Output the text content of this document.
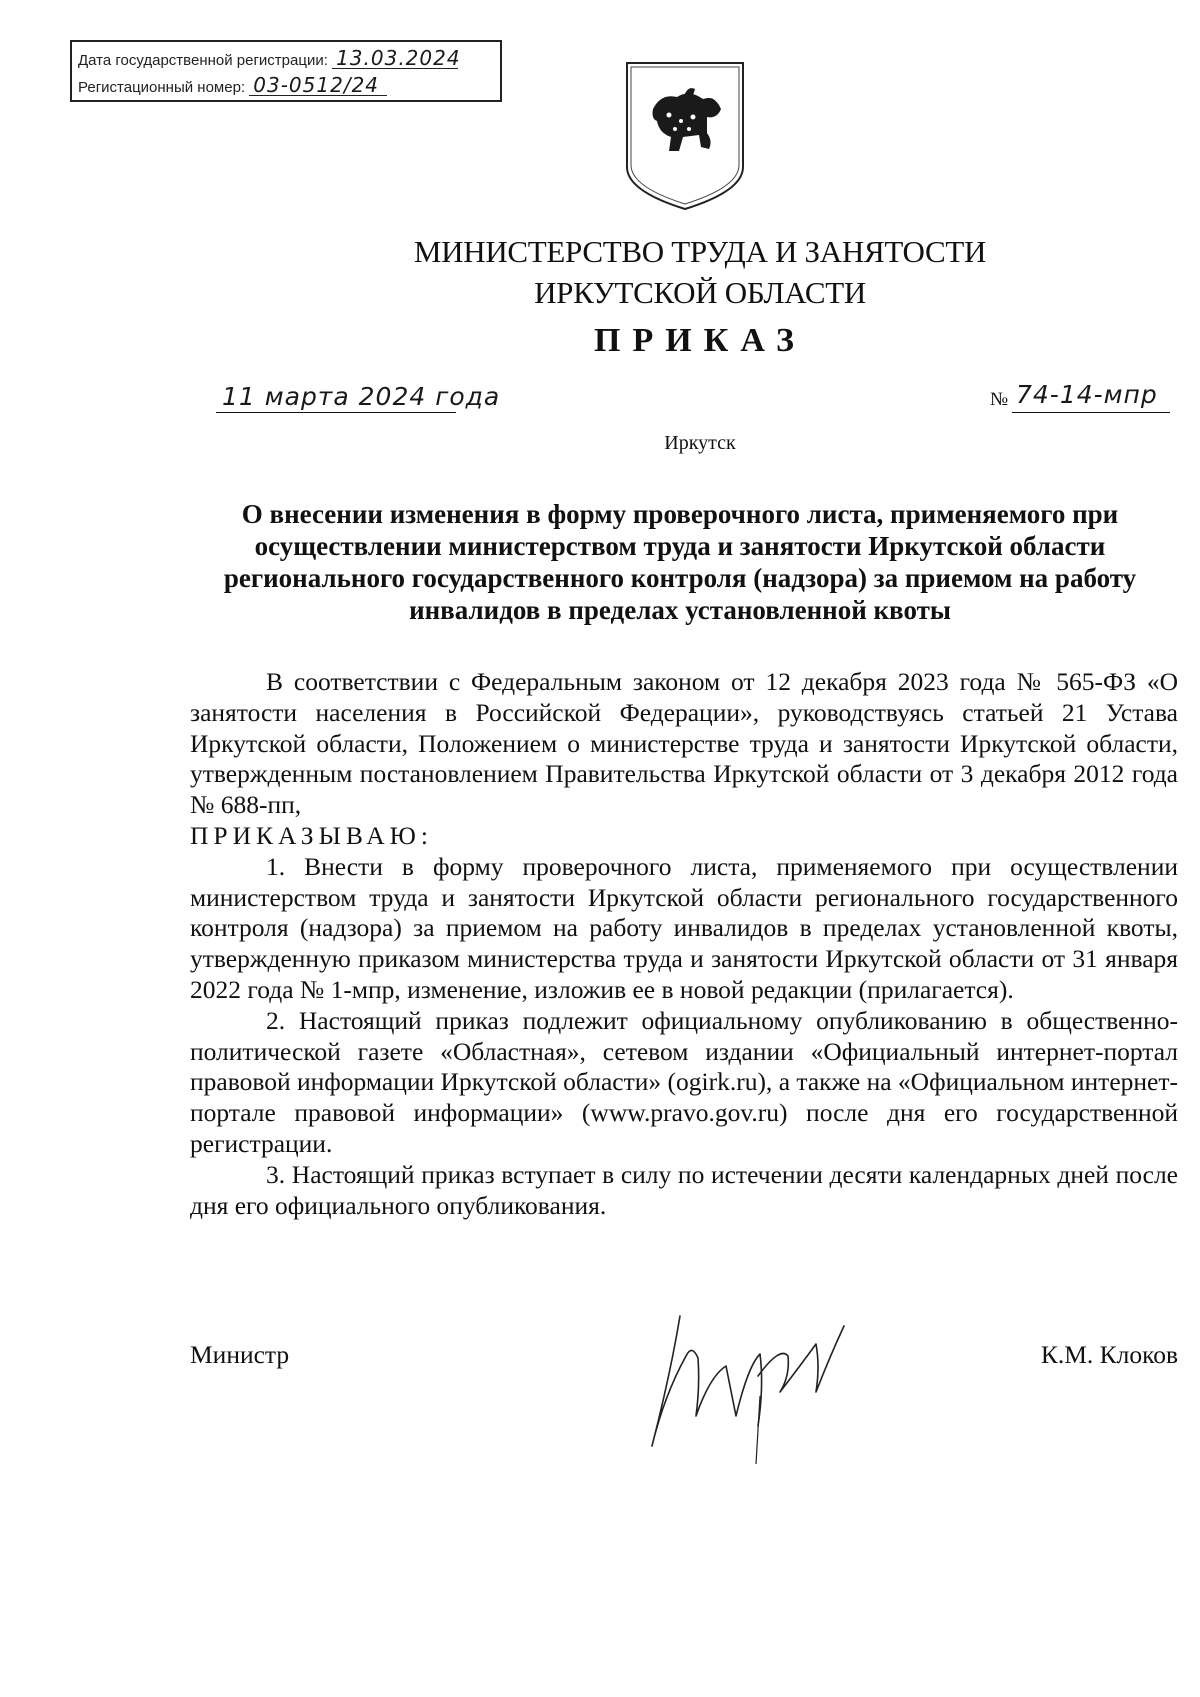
Дата государственной регистрации: 13.03.2024
Регистационный номер: 03-0512/24
МИНИСТЕРСТВО ТРУДА И ЗАНЯТОСТИ
ИРКУТСКОЙ ОБЛАСТИ
ПРИКАЗ
11 марта 2024 года	№ 74-14-мпр
Иркутск
О внесении изменения в форму проверочного листа, применяемого при осуществлении министерством труда и занятости Иркутской области регионального государственного контроля (надзора) за приемом на работу инвалидов в пределах установленной квоты

В соответствии с Федеральным законом от 12 декабря 2023 года № 565-ФЗ «О занятости населения в Российской Федерации», руководствуясь статьей 21 Устава Иркутской области, Положением о министерстве труда и занятости Иркутской области, утвержденным постановлением Правительства Иркутской области от 3 декабря 2012 года № 688-пп,

ПРИКАЗЫВАЮ:

1. Внести в форму проверочного листа, применяемого при осуществлении министерством труда и занятости Иркутской области регионального государственного контроля (надзора) за приемом на работу инвалидов в пределах установленной квоты, утвержденную приказом министерства труда и занятости Иркутской области от 31 января 2022 года № 1-мпр, изменение, изложив ее в новой редакции (прилагается).

2. Настоящий приказ подлежит официальному опубликованию в общественно-политической газете «Областная», сетевом издании «Официальный интернет-портал правовой информации Иркутской области» (ogirk.ru), а также на «Официальном интернет-портале правовой информации» (www.pravo.gov.ru) после дня его государственной регистрации.

3. Настоящий приказ вступает в силу по истечении десяти календарных дней после дня его официального опубликования.

Министр	К.М. Клоков
